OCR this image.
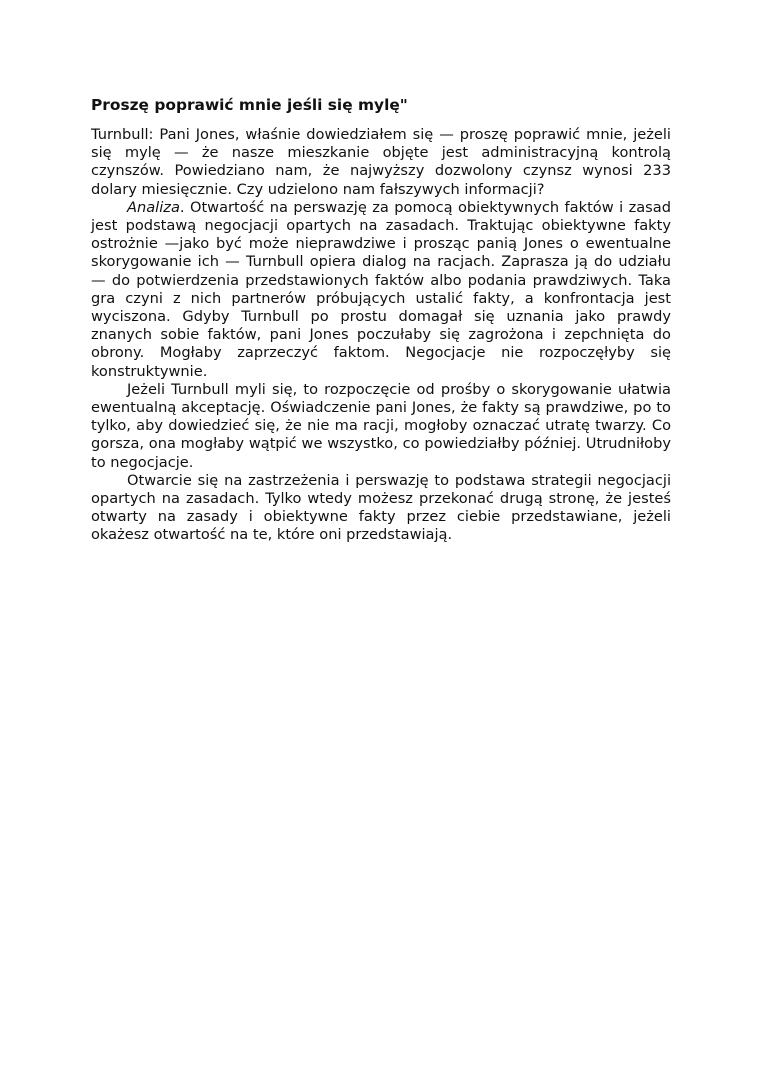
Proszę poprawić mnie jeśli się mylę"

Turnbull: Pani Jones, właśnie dowiedziałem się — proszę poprawić mnie, jeżeli się mylę — że nasze mieszkanie objęte jest administracyjną kontrolą czynszów. Powiedziano nam, że najwyższy dozwolony czynsz wynosi 233 dolary miesięcznie. Czy udzielono nam fałszywych informacji?

Analiza. Otwartość na perswazję za pomocą obiektywnych faktów i zasad jest podstawą negocjacji opartych na zasadach. Traktując obiektywne fakty ostrożnie —jako być może nieprawdziwe i prosząc panią Jones o ewentualne skorygowanie ich — Turnbull opiera dialog na racjach. Zaprasza ją do udziału — do potwierdzenia przedstawionych faktów albo podania prawdziwych. Taka gra czyni z nich partnerów próbujących ustalić fakty, a konfrontacja jest wyciszona. Gdyby Turnbull po prostu domagał się uznania jako prawdy znanych sobie faktów, pani Jones poczułaby się zagrożona i zepchnięta do obrony. Mogłaby zaprzeczyć faktom. Negocjacje nie rozpoczęłyby się konstruktywnie.

Jeżeli Turnbull myli się, to rozpoczęcie od prośby o skorygowanie ułatwia ewentualną akceptację. Oświadczenie pani Jones, że fakty są prawdziwe, po to tylko, aby dowiedzieć się, że nie ma racji, mogłoby oznaczać utratę twarzy. Co gorsza, ona mogłaby wątpić we wszystko, co powiedziałby później. Utrudniłoby to negocjacje.

Otwarcie się na zastrzeżenia i perswazję to podstawa strategii negocjacji opartych na zasadach. Tylko wtedy możesz przekonać drugą stronę, że jesteś otwarty na zasady i obiektywne fakty przez ciebie przedstawiane, jeżeli okażesz otwartość na te, które oni przedstawiają.
